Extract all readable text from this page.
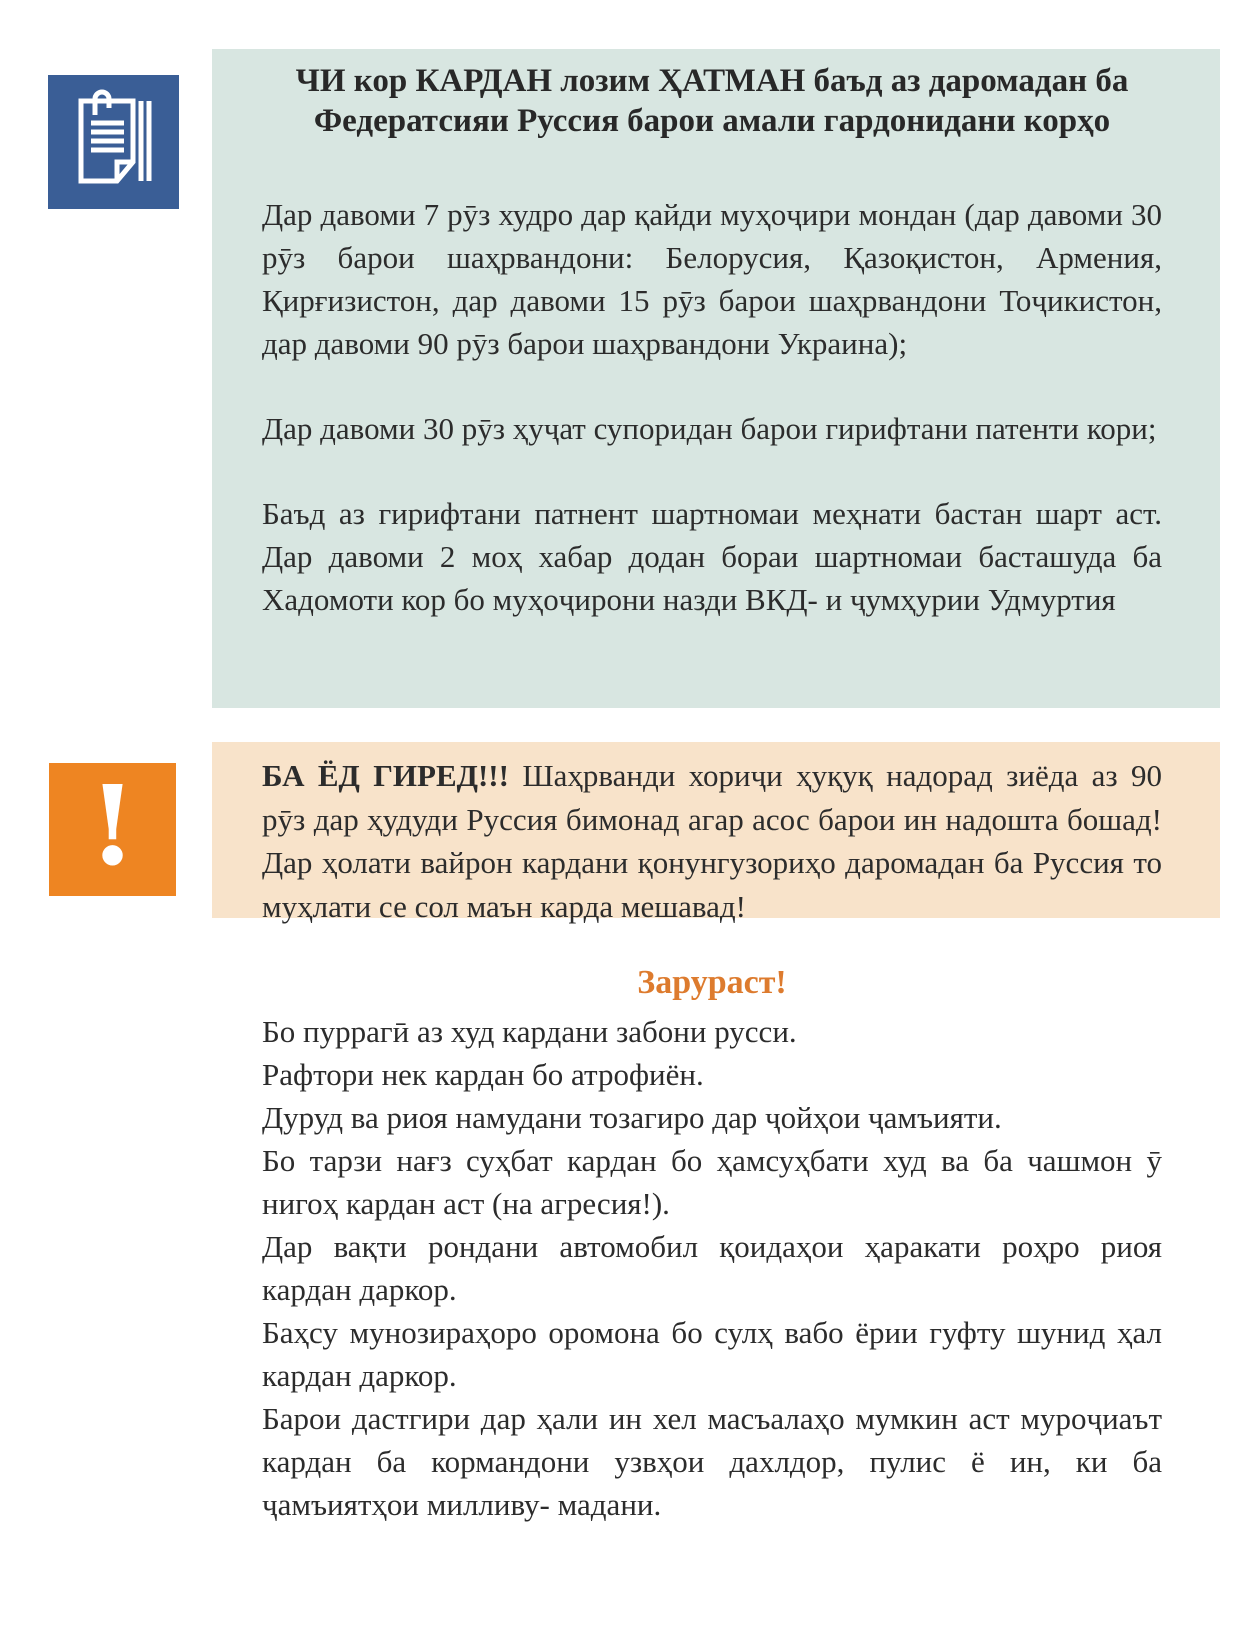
ЧИ кор КАРДАН лозим ҲАТМАН баъд аз даромадан ба
Федератсияи Руссия барои амали гардонидани корҳо

Дар давоми 7 рӯз худро дар қайди муҳоҷири мондан (дар давоми 30 рӯз барои шаҳрвандони: Белорусия, Қазоқистон, Армения, Қирғизистон, дар давоми 15 рӯз барои шаҳрвандони Тоҷикистон, дар давоми 90 рӯз барои шаҳрвандони Украина);

Дар давоми 30 рӯз ҳуҷат супоридан барои гирифтани патенти кори;

Баъд аз гирифтани патнент шартномаи меҳнати бастан шарт аст. Дар давоми 2 моҳ хабар додан бораи шартномаи басташуда ба Хадомоти кор бо муҳоҷирони назди ВКД- и ҷумҳурии Удмуртия

!	БА ЁД ГИРЕД!!! Шаҳрванди хориҷи ҳуқуқ надорад зиёда аз 90 рӯз дар ҳудуди Руссия бимонад агар асос барои ин надошта бошад! Дар ҳолати вайрон кардани қонунгузориҳо даромадан ба Руссия то муҳлати се сол маън карда мешавад!

Зарураст!

Бо пуррагӣ аз худ кардани забони русси.

Рафтори нек кардан бо атрофиён.

Дуруд ва риоя намудани тозагиро дар ҷойҳои ҷамъияти.

Бо тарзи нағз суҳбат кардан бо ҳамсуҳбати худ ва ба чашмон ӯ нигоҳ кардан аст (на агресия!).

Дар вақти рондани автомобил қоидаҳои ҳаракати роҳро риоя кардан даркор.

Баҳсу мунозираҳоро оромона бо сулҳ вабо ёрии гуфту шунид ҳал кардан даркор.

Барои дастгири дар ҳали ин хел масъалаҳо мумкин аст муроҷиаът кардан ба кормандони узвҳои дахлдор, пулис ё ин, ки ба ҷамъиятҳои милливу- мадани.
